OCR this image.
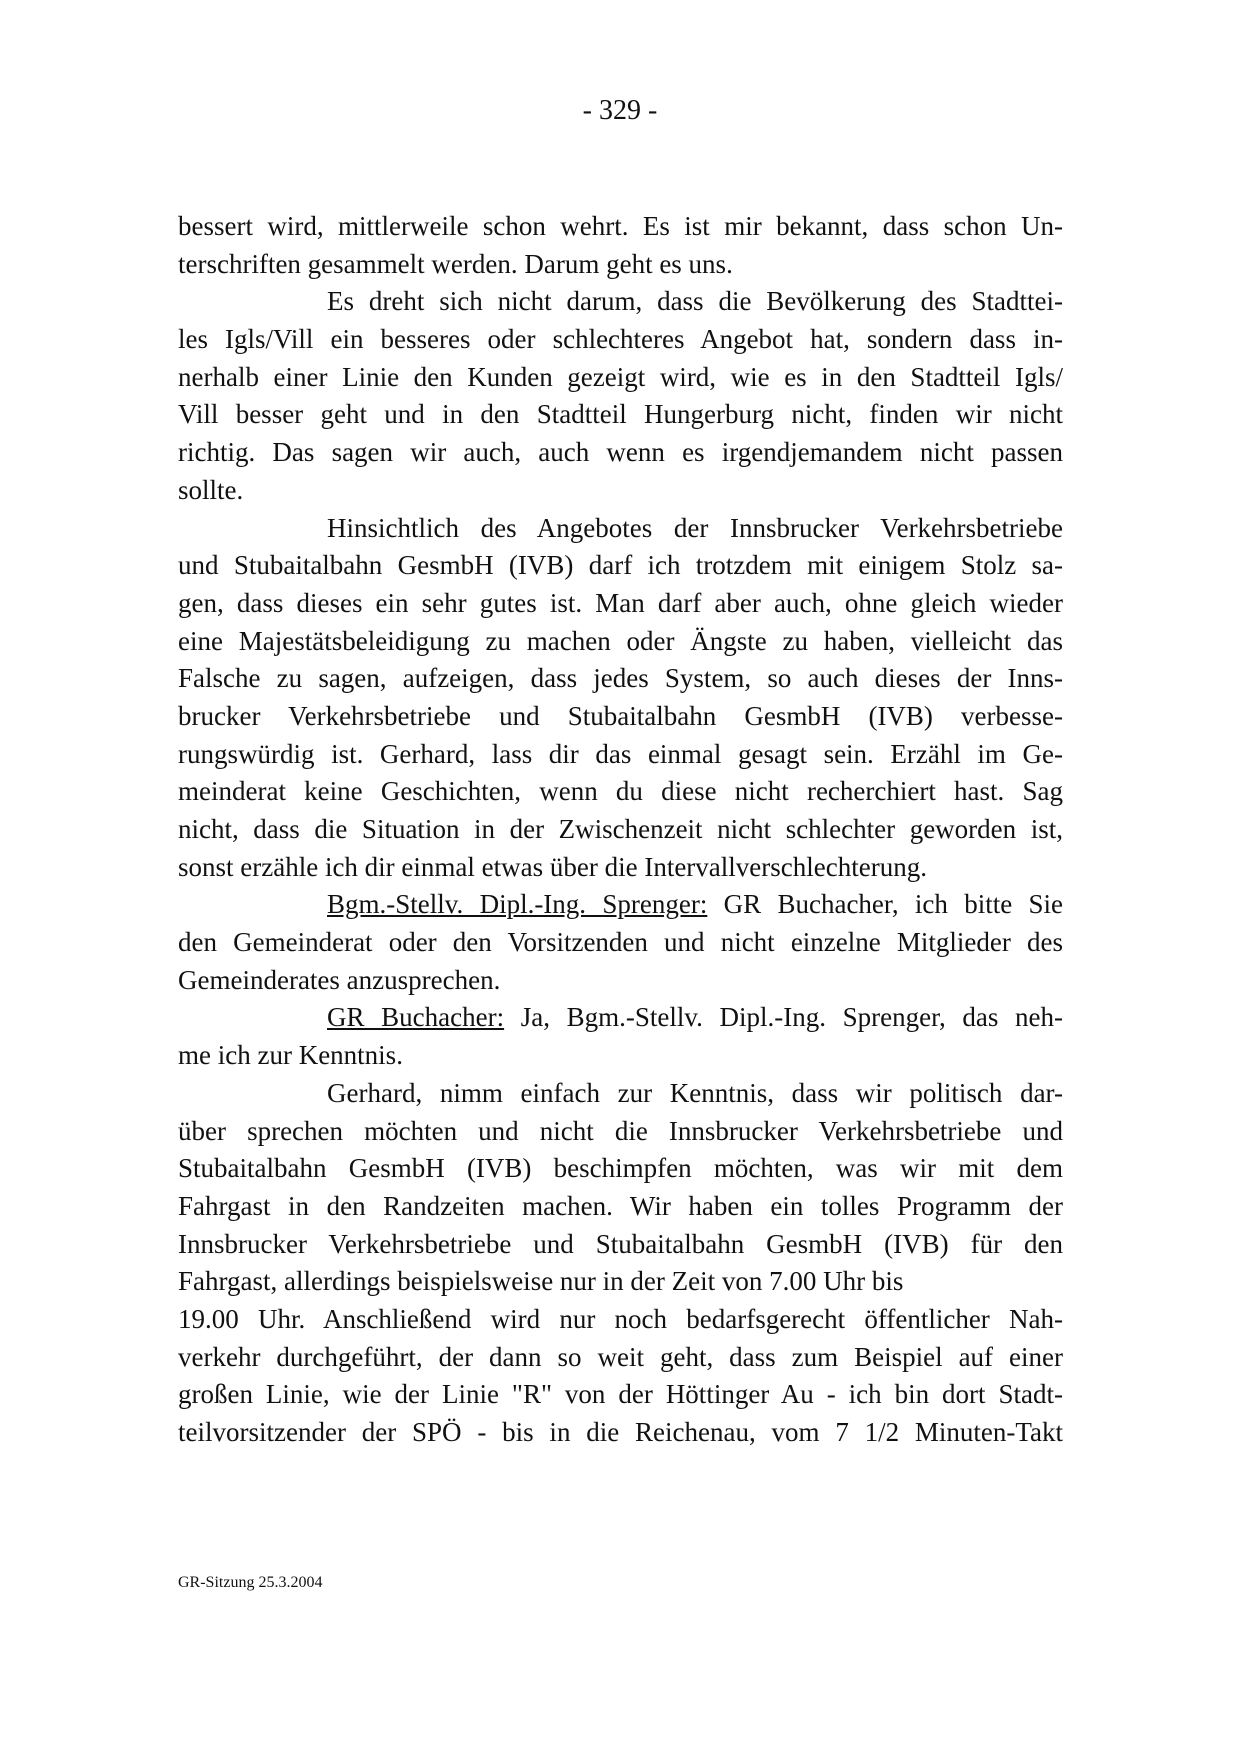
- 329 -
bessert wird, mittlerweile schon wehrt. Es ist mir bekannt, dass schon Un-
terschriften gesammelt werden. Darum geht es uns.
Es dreht sich nicht darum, dass die Bevölkerung des Stadttei-
les Igls/Vill ein besseres oder schlechteres Angebot hat, sondern dass in-
nerhalb einer Linie den Kunden gezeigt wird, wie es in den Stadtteil Igls/
Vill besser geht und in den Stadtteil Hungerburg nicht, finden wir nicht
richtig. Das sagen wir auch, auch wenn es irgendjemandem nicht passen
sollte.
Hinsichtlich des Angebotes der Innsbrucker Verkehrsbetriebe
und Stubaitalbahn GesmbH (IVB) darf ich trotzdem mit einigem Stolz sa-
gen, dass dieses ein sehr gutes ist. Man darf aber auch, ohne gleich wieder
eine Majestätsbeleidigung zu machen oder Ängste zu haben, vielleicht das
Falsche zu sagen, aufzeigen, dass jedes System, so auch dieses der Inns-
brucker Verkehrsbetriebe und Stubaitalbahn GesmbH (IVB) verbesse-
rungswürdig ist. Gerhard, lass dir das einmal gesagt sein. Erzähl im Ge-
meinderat keine Geschichten, wenn du diese nicht recherchiert hast. Sag
nicht, dass die Situation in der Zwischenzeit nicht schlechter geworden ist,
sonst erzähle ich dir einmal etwas über die Intervallverschlechterung.
Bgm.-Stellv. Dipl.-Ing. Sprenger: GR Buchacher, ich bitte Sie
den Gemeinderat oder den Vorsitzenden und nicht einzelne Mitglieder des
Gemeinderates anzusprechen.
GR Buchacher: Ja, Bgm.-Stellv. Dipl.-Ing. Sprenger, das neh-
me ich zur Kenntnis.
Gerhard, nimm einfach zur Kenntnis, dass wir politisch dar-
über sprechen möchten und nicht die Innsbrucker Verkehrsbetriebe und
Stubaitalbahn GesmbH (IVB) beschimpfen möchten, was wir mit dem
Fahrgast in den Randzeiten machen. Wir haben ein tolles Programm der
Innsbrucker Verkehrsbetriebe und Stubaitalbahn GesmbH (IVB) für den
Fahrgast, allerdings beispielsweise nur in der Zeit von 7.00 Uhr bis
19.00 Uhr. Anschließend wird nur noch bedarfsgerecht öffentlicher Nah-
verkehr durchgeführt, der dann so weit geht, dass zum Beispiel auf einer
großen Linie, wie der Linie "R" von der Höttinger Au - ich bin dort Stadt-
teilvorsitzender der SPÖ - bis in die Reichenau, vom 7 1/2 Minuten-Takt
GR-Sitzung 25.3.2004
